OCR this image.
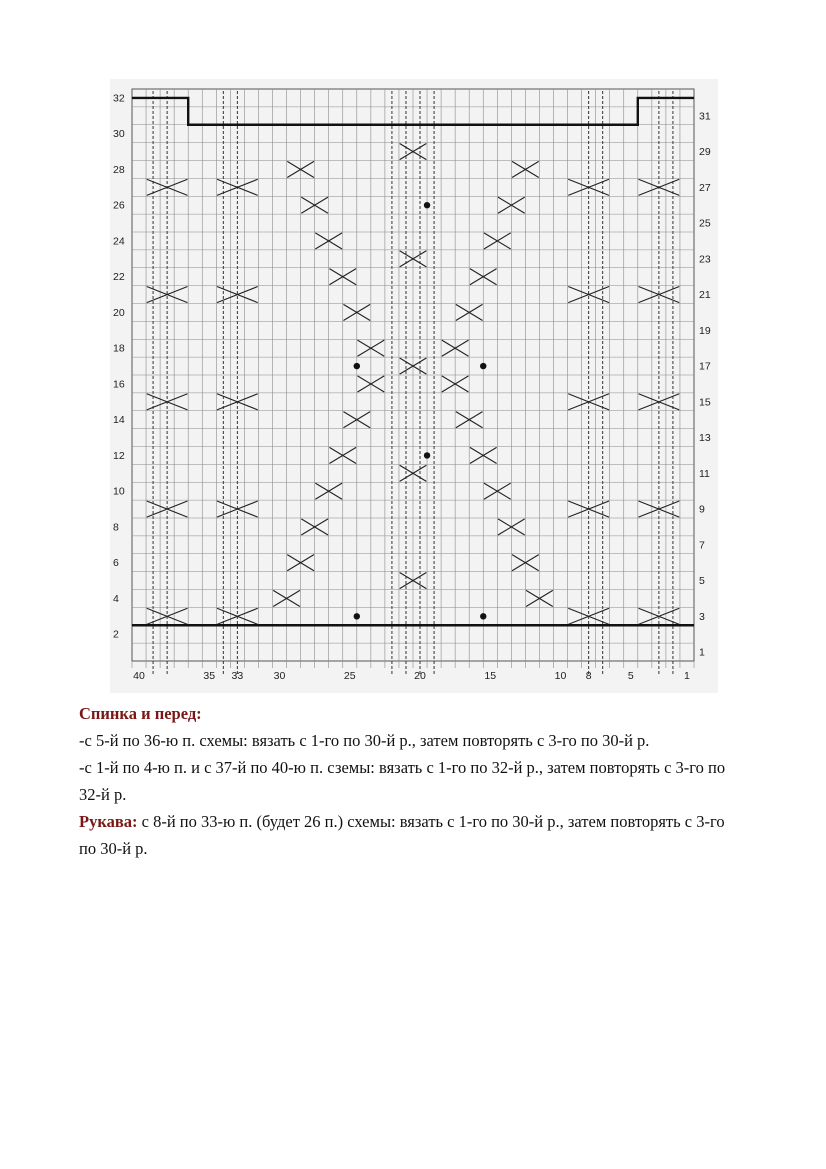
32
30
28
26
24
22
20
18
16
14
12
10
8
6
4
2
31
29
27
25
23
21
19
17
15
13
11
9
7
5
3
1
40	35 33	30	25	20	15	10 8	5	1

Спинка и перед:

-с 5-й по 36-ю п. схемы: вязать с 1-го по 30-й р., затем повторять с 3-го по 30-й р.

-с 1-й по 4-ю п. и с 37-й по 40-ю п. сземы: вязать с 1-го по 32-й р., затем повторять с 3-го по 32-й р.

Рукава: с 8-й по 33-ю п. (будет 26 п.) схемы: вязать с 1-го по 30-й р., затем повторять с 3-го по 30-й р.
